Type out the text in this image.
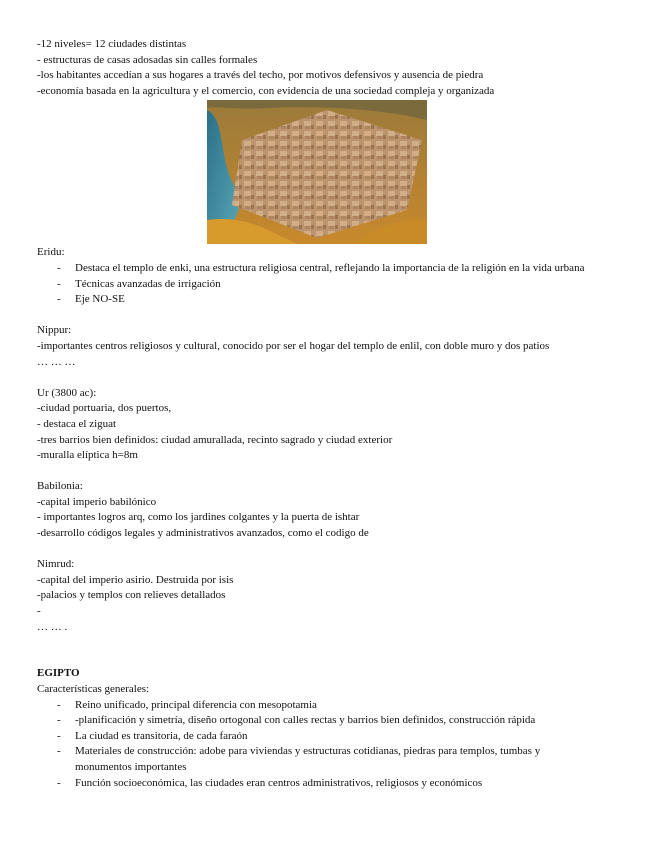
-12 niveles= 12 ciudades distintas
- estructuras de casas adosadas sin calles formales
-los habitantes accedían a sus hogares a través del techo, por motivos defensivos y ausencia de piedra
-economía basada en la agricultura y el comercio, con evidencia de una sociedad compleja y organizada
Eridu:
- Destaca el templo de enki, una estructura religiosa central, reflejando la importancia de la religión en la vida urbana
- Técnicas avanzadas de irrigación
- Eje NO-SE
Nippur:
-importantes centros religiosos y cultural, conocido por ser el hogar del templo de enlil, con doble muro y dos patios
… … …
Ur (3800 ac):
-ciudad portuaria, dos puertos,
- destaca el ziguat
-tres barrios bien definidos: ciudad amurallada, recinto sagrado y ciudad exterior
-muralla elíptica h=8m
Babilonia:
-capital imperio babilónico
- importantes logros arq, como los jardines colgantes y la puerta de ishtar
-desarrollo códigos legales y administrativos avanzados, como el codigo de
Nimrud:
-capital del imperio asirio. Destruida por isis
-palacios y templos con relieves detallados
-
… … .
EGIPTO
Características generales:
- Reino unificado, principal diferencia con mesopotamia
- -planificación y simetría, diseño ortogonal con calles rectas y barrios bien definidos, construcción rápida
- La ciudad es transitoria, de cada faraón
- Materiales de construcción: adobe para viviendas y estructuras cotidianas, piedras para templos, tumbas y monumentos importantes
- Función socioeconómica, las ciudades eran centros administrativos, religiosos y económicos
